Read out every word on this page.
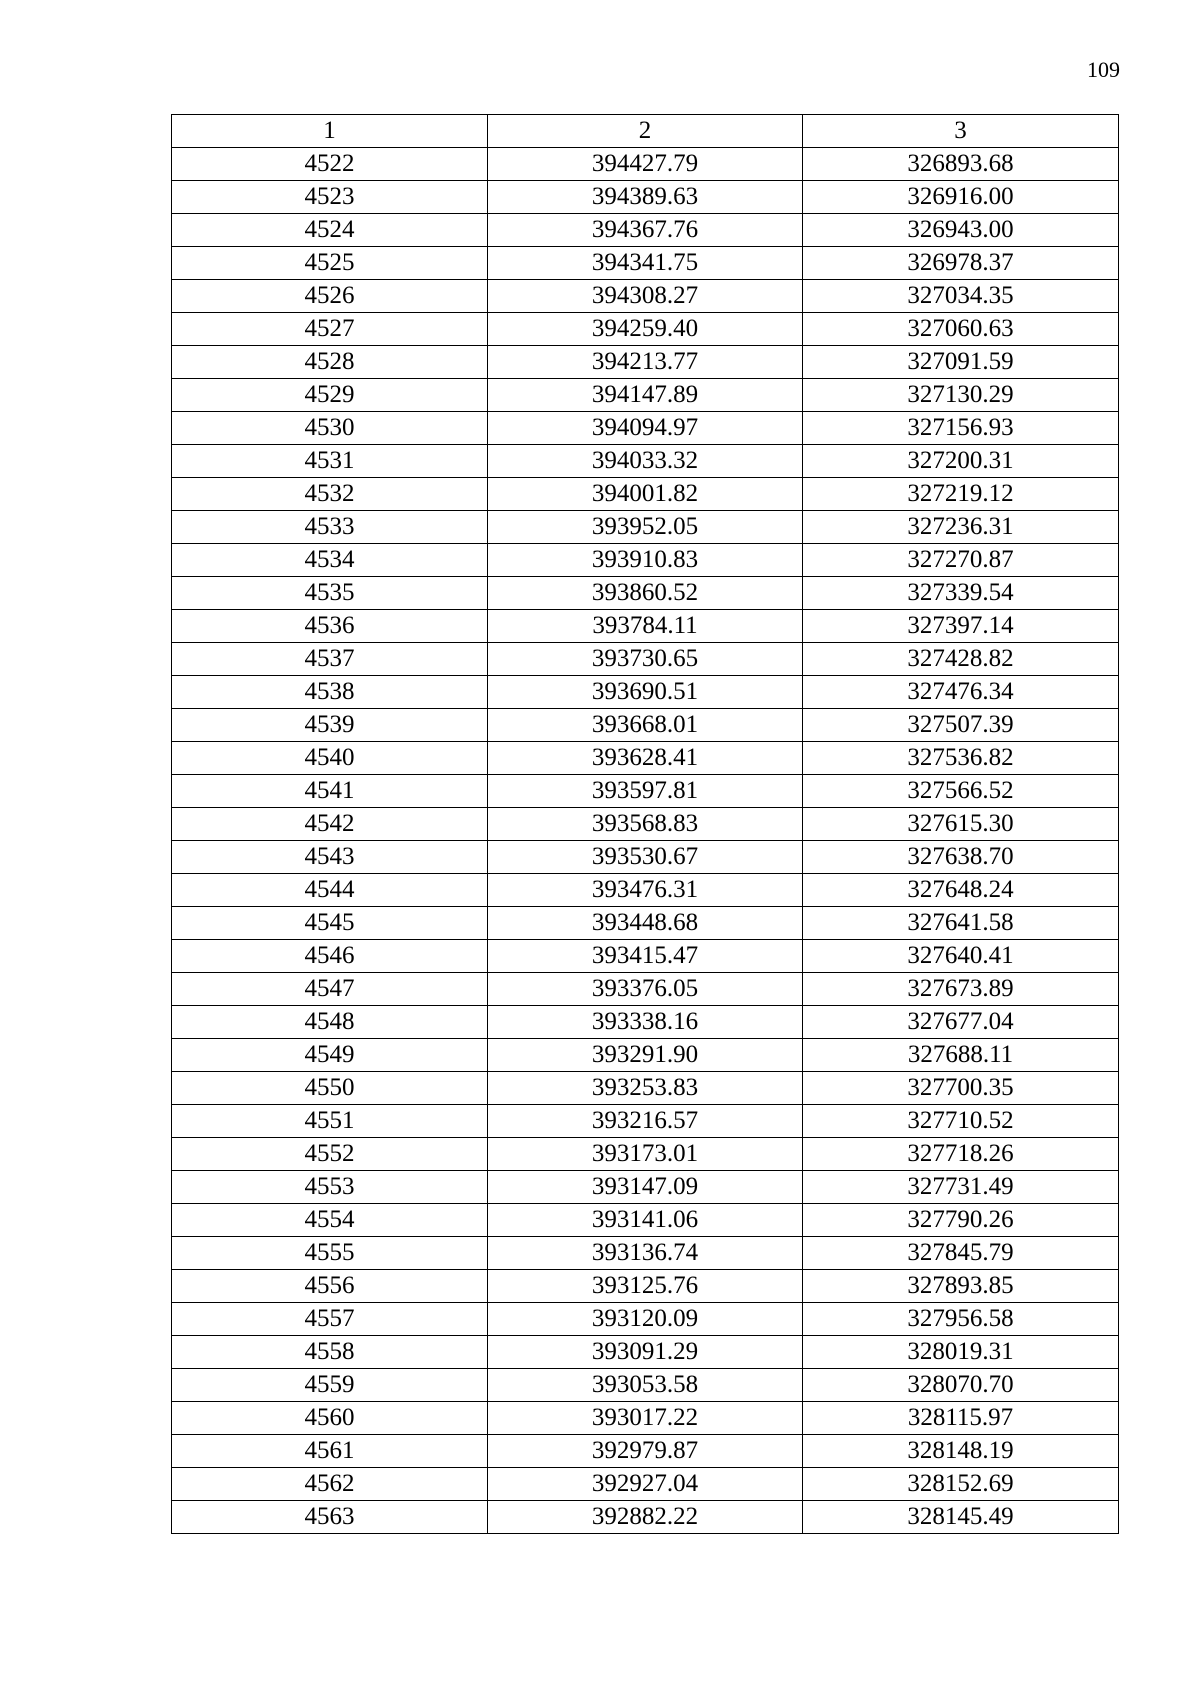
109
1	2	3
4522	394427.79	326893.68
4523	394389.63	326916.00
4524	394367.76	326943.00
4525	394341.75	326978.37
4526	394308.27	327034.35
4527	394259.40	327060.63
4528	394213.77	327091.59
4529	394147.89	327130.29
4530	394094.97	327156.93
4531	394033.32	327200.31
4532	394001.82	327219.12
4533	393952.05	327236.31
4534	393910.83	327270.87
4535	393860.52	327339.54
4536	393784.11	327397.14
4537	393730.65	327428.82
4538	393690.51	327476.34
4539	393668.01	327507.39
4540	393628.41	327536.82
4541	393597.81	327566.52
4542	393568.83	327615.30
4543	393530.67	327638.70
4544	393476.31	327648.24
4545	393448.68	327641.58
4546	393415.47	327640.41
4547	393376.05	327673.89
4548	393338.16	327677.04
4549	393291.90	327688.11
4550	393253.83	327700.35
4551	393216.57	327710.52
4552	393173.01	327718.26
4553	393147.09	327731.49
4554	393141.06	327790.26
4555	393136.74	327845.79
4556	393125.76	327893.85
4557	393120.09	327956.58
4558	393091.29	328019.31
4559	393053.58	328070.70
4560	393017.22	328115.97
4561	392979.87	328148.19
4562	392927.04	328152.69
4563	392882.22	328145.49
